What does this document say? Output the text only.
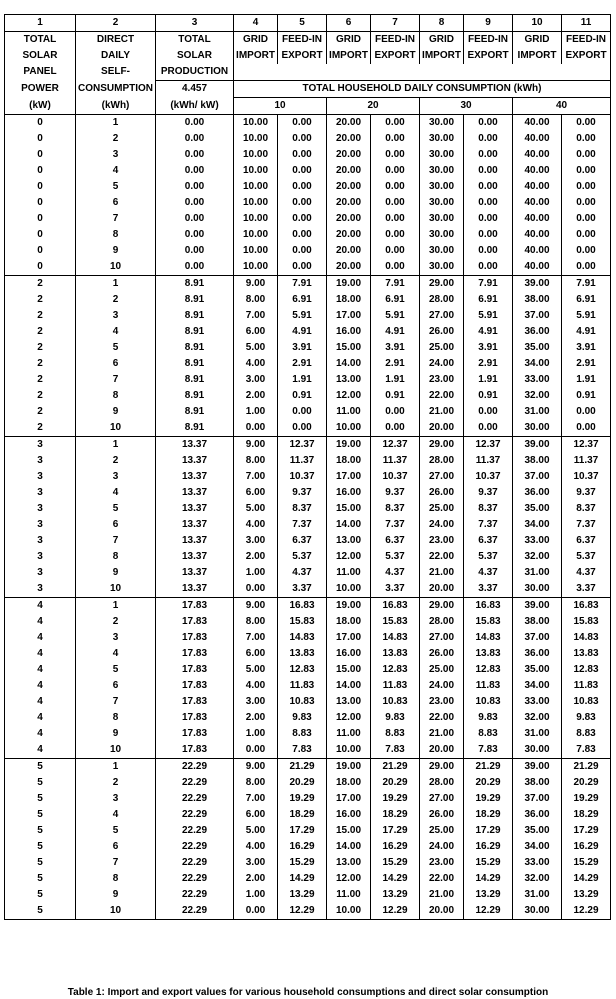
1	2	3	4	5	6	7	8	9	10	11
TOTAL	DIRECT	TOTAL	GRID	FEED-IN	GRID	FEED-IN	GRID	FEED-IN	GRID	FEED-IN
SOLAR	DAILY	SOLAR	IMPORT	EXPORT	IMPORT	EXPORT	IMPORT	EXPORT	IMPORT	EXPORT
PANEL	SELF-	PRODUCTION								
POWER	CONSUMPTION	4.457	TOTAL HOUSEHOLD DAILY CONSUMPTION (kWh)							
(kW)	(kWh)	(kWh/ kW)	10		20		30		40	
0	1	0.00	10.00	0.00	20.00	0.00	30.00	0.00	40.00	0.00
0	2	0.00	10.00	0.00	20.00	0.00	30.00	0.00	40.00	0.00
0	3	0.00	10.00	0.00	20.00	0.00	30.00	0.00	40.00	0.00
0	4	0.00	10.00	0.00	20.00	0.00	30.00	0.00	40.00	0.00
0	5	0.00	10.00	0.00	20.00	0.00	30.00	0.00	40.00	0.00
0	6	0.00	10.00	0.00	20.00	0.00	30.00	0.00	40.00	0.00
0	7	0.00	10.00	0.00	20.00	0.00	30.00	0.00	40.00	0.00
0	8	0.00	10.00	0.00	20.00	0.00	30.00	0.00	40.00	0.00
0	9	0.00	10.00	0.00	20.00	0.00	30.00	0.00	40.00	0.00
0	10	0.00	10.00	0.00	20.00	0.00	30.00	0.00	40.00	0.00
2	1	8.91	9.00	7.91	19.00	7.91	29.00	7.91	39.00	7.91
2	2	8.91	8.00	6.91	18.00	6.91	28.00	6.91	38.00	6.91
2	3	8.91	7.00	5.91	17.00	5.91	27.00	5.91	37.00	5.91
2	4	8.91	6.00	4.91	16.00	4.91	26.00	4.91	36.00	4.91
2	5	8.91	5.00	3.91	15.00	3.91	25.00	3.91	35.00	3.91
2	6	8.91	4.00	2.91	14.00	2.91	24.00	2.91	34.00	2.91
2	7	8.91	3.00	1.91	13.00	1.91	23.00	1.91	33.00	1.91
2	8	8.91	2.00	0.91	12.00	0.91	22.00	0.91	32.00	0.91
2	9	8.91	1.00	0.00	11.00	0.00	21.00	0.00	31.00	0.00
2	10	8.91	0.00	0.00	10.00	0.00	20.00	0.00	30.00	0.00
3	1	13.37	9.00	12.37	19.00	12.37	29.00	12.37	39.00	12.37
3	2	13.37	8.00	11.37	18.00	11.37	28.00	11.37	38.00	11.37
3	3	13.37	7.00	10.37	17.00	10.37	27.00	10.37	37.00	10.37
3	4	13.37	6.00	9.37	16.00	9.37	26.00	9.37	36.00	9.37
3	5	13.37	5.00	8.37	15.00	8.37	25.00	8.37	35.00	8.37
3	6	13.37	4.00	7.37	14.00	7.37	24.00	7.37	34.00	7.37
3	7	13.37	3.00	6.37	13.00	6.37	23.00	6.37	33.00	6.37
3	8	13.37	2.00	5.37	12.00	5.37	22.00	5.37	32.00	5.37
3	9	13.37	1.00	4.37	11.00	4.37	21.00	4.37	31.00	4.37
3	10	13.37	0.00	3.37	10.00	3.37	20.00	3.37	30.00	3.37
4	1	17.83	9.00	16.83	19.00	16.83	29.00	16.83	39.00	16.83
4	2	17.83	8.00	15.83	18.00	15.83	28.00	15.83	38.00	15.83
4	3	17.83	7.00	14.83	17.00	14.83	27.00	14.83	37.00	14.83
4	4	17.83	6.00	13.83	16.00	13.83	26.00	13.83	36.00	13.83
4	5	17.83	5.00	12.83	15.00	12.83	25.00	12.83	35.00	12.83
4	6	17.83	4.00	11.83	14.00	11.83	24.00	11.83	34.00	11.83
4	7	17.83	3.00	10.83	13.00	10.83	23.00	10.83	33.00	10.83
4	8	17.83	2.00	9.83	12.00	9.83	22.00	9.83	32.00	9.83
4	9	17.83	1.00	8.83	11.00	8.83	21.00	8.83	31.00	8.83
4	10	17.83	0.00	7.83	10.00	7.83	20.00	7.83	30.00	7.83
5	1	22.29	9.00	21.29	19.00	21.29	29.00	21.29	39.00	21.29
5	2	22.29	8.00	20.29	18.00	20.29	28.00	20.29	38.00	20.29
5	3	22.29	7.00	19.29	17.00	19.29	27.00	19.29	37.00	19.29
5	4	22.29	6.00	18.29	16.00	18.29	26.00	18.29	36.00	18.29
5	5	22.29	5.00	17.29	15.00	17.29	25.00	17.29	35.00	17.29
5	6	22.29	4.00	16.29	14.00	16.29	24.00	16.29	34.00	16.29
5	7	22.29	3.00	15.29	13.00	15.29	23.00	15.29	33.00	15.29
5	8	22.29	2.00	14.29	12.00	14.29	22.00	14.29	32.00	14.29
5	9	22.29	1.00	13.29	11.00	13.29	21.00	13.29	31.00	13.29
5	10	22.29	0.00	12.29	10.00	12.29	20.00	12.29	30.00	12.29
Table 1: Import and export values for various household consumptions and direct solar consumption
